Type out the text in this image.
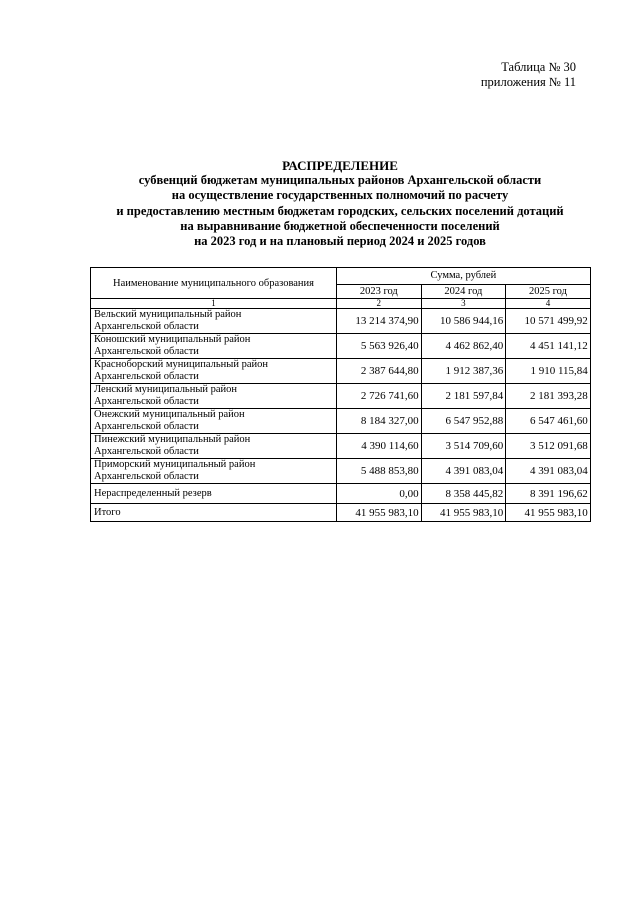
Таблица № 30
приложения № 11
РАСПРЕДЕЛЕНИЕ
субвенций бюджетам муниципальных районов Архангельской области
на осуществление государственных полномочий по расчету
и предоставлению местным бюджетам городских, сельских поселений дотаций
на выравнивание бюджетной обеспеченности поселений
на 2023 год и на плановый период 2024 и 2025 годов
Наименование муниципального образования	Сумма, рублей		
	2023 год	2024 год	2025 год
1	2	3	4

Вельский муниципальный район
Архангельской области	13 214 374,90	10 586 944,16	10 571 499,92

Коношский муниципальный район
Архангельской области	5 563 926,40	4 462 862,40	4 451 141,12

Красноборский муниципальный район
Архангельской области	2 387 644,80	1 912 387,36	1 910 115,84

Ленский муниципальный район
Архангельской области	2 726 741,60	2 181 597,84	2 181 393,28

Онежский муниципальный район
Архангельской области	8 184 327,00	6 547 952,88	6 547 461,60

Пинежский муниципальный район
Архангельской области	4 390 114,60	3 514 709,60	3 512 091,68

Приморский муниципальный район
Архангельской области	5 488 853,80	4 391 083,04	4 391 083,04
Нераспределенный резерв	0,00	8 358 445,82	8 391 196,62
Итого	41 955 983,10	41 955 983,10	41 955 983,10
